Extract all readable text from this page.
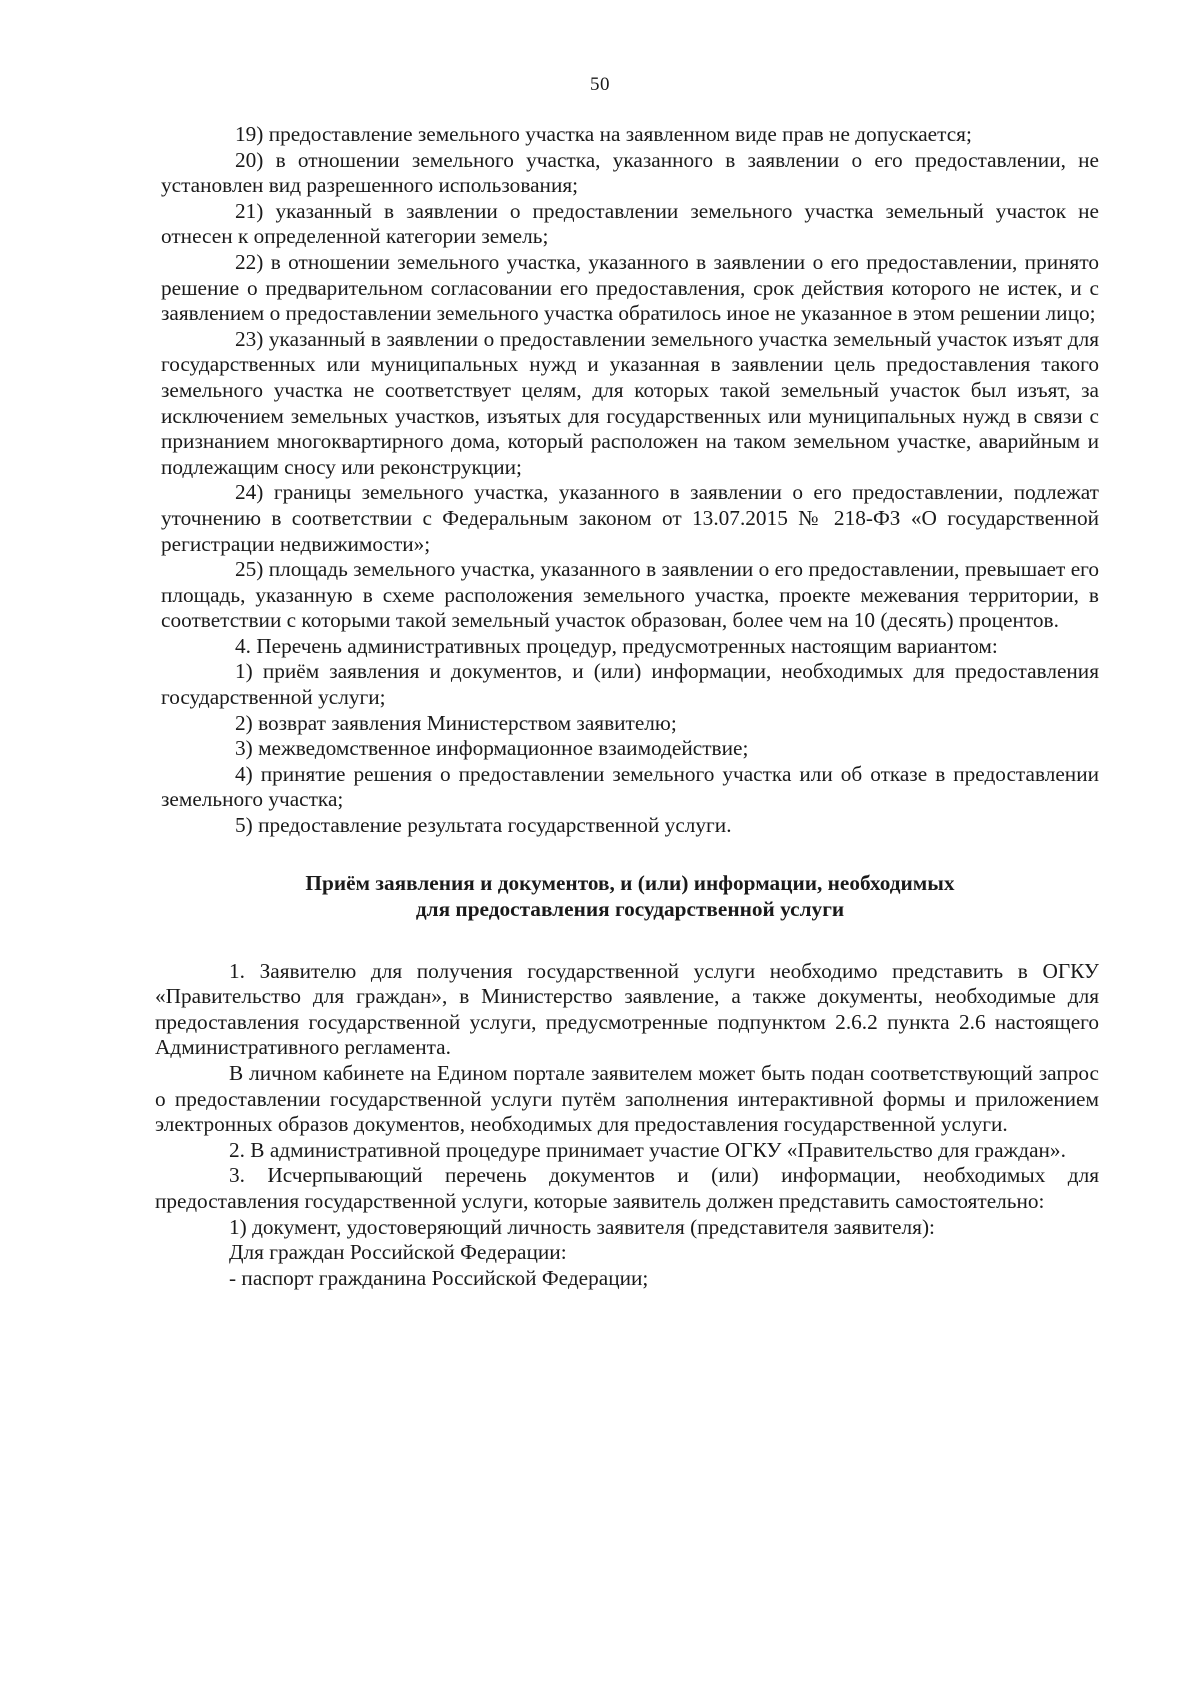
50

19) предоставление земельного участка на заявленном виде прав не допускается;

20) в отношении земельного участка, указанного в заявлении о его предоставлении, не установлен вид разрешенного использования;

21) указанный в заявлении о предоставлении земельного участка земельный участок не отнесен к определенной категории земель;

22) в отношении земельного участка, указанного в заявлении о его предоставлении, принято решение о предварительном согласовании его предоставления, срок действия которого не истек, и с заявлением о предоставлении земельного участка обратилось иное не указанное в этом решении лицо;

23) указанный в заявлении о предоставлении земельного участка земельный участок изъят для государственных или муниципальных нужд и указанная в заявлении цель предоставления такого земельного участка не соответствует целям, для которых такой земельный участок был изъят, за исключением земельных участков, изъятых для государственных или муниципальных нужд в связи с признанием многоквартирного дома, который расположен на таком земельном участке, аварийным и подлежащим сносу или реконструкции;

24) границы земельного участка, указанного в заявлении о его предоставлении, подлежат уточнению в соответствии с Федеральным законом от 13.07.2015 № 218-ФЗ «О государственной регистрации недвижимости»;

25) площадь земельного участка, указанного в заявлении о его предоставлении, превышает его площадь, указанную в схеме расположения земельного участка, проекте межевания территории, в соответствии с которыми такой земельный участок образован, более чем на 10 (десять) процентов.

4. Перечень административных процедур, предусмотренных настоящим вариантом:

1) приём заявления и документов, и (или) информации, необходимых для предоставления государственной услуги;

2) возврат заявления Министерством заявителю;

3) межведомственное информационное взаимодействие;

4) принятие решения о предоставлении земельного участка или об отказе в предоставлении земельного участка;

5) предоставление результата государственной услуги.

Приём заявления и документов, и (или) информации, необходимых
для предоставления государственной услуги

1. Заявителю для получения государственной услуги необходимо представить в ОГКУ «Правительство для граждан», в Министерство заявление, а также документы, необходимые для предоставления государственной услуги, предусмотренные подпунктом 2.6.2 пункта 2.6 настоящего Административного регламента.

В личном кабинете на Едином портале заявителем может быть подан соответствующий запрос о предоставлении государственной услуги путём заполнения интерактивной формы и приложением электронных образов документов, необходимых для предоставления государственной услуги.

2. В административной процедуре принимает участие ОГКУ «Правительство для граждан».

3. Исчерпывающий перечень документов и (или) информации, необходимых для предоставления государственной услуги, которые заявитель должен представить самостоятельно:

1) документ, удостоверяющий личность заявителя (представителя заявителя):

Для граждан Российской Федерации:

- паспорт гражданина Российской Федерации;
